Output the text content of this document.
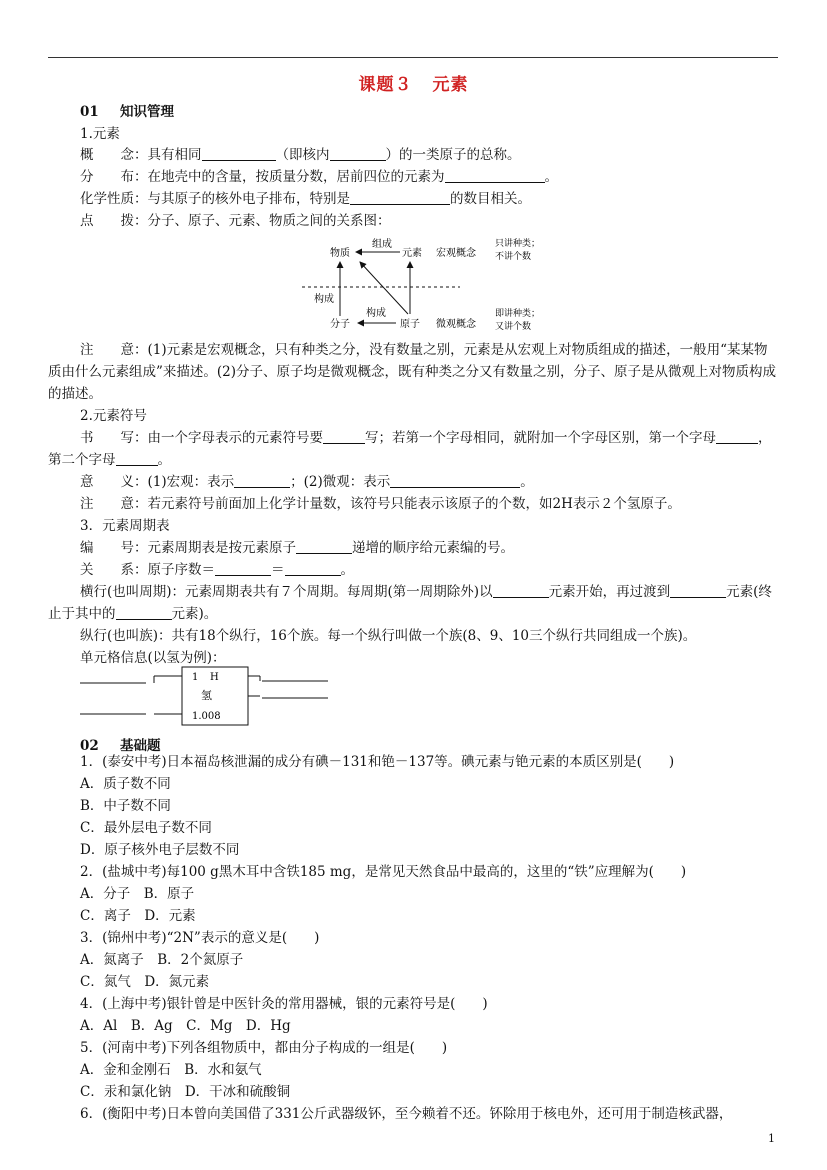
课题３ 元素
01 知识管理
1.元素
概　　念：具有相同	（即核内	）的一类原子的总称。
分　　布：在地壳中的含量，按质量分数，居前四位的元素为	。
化学性质：与其原子的核外电子排布，特别是	的数目相关。
点　　拨：分子、原子、元素、物质之间的关系图：
物质
组成
元素 宏观概念
只讲种类；
不讲个数
构成
构成
分子	原子 微观概念
即讲种类；
又讲个数
注　　意：(1)元素是宏观概念，只有种类之分，没有数量之别，元素是从宏观上对物质组成的描述，一般用“某某物质由什么元素组成”来描述。(2)分子、原子均是微观概念，既有种类之分又有数量之别，分子、原子是从微观上对物质构成的描述。
2.元素符号
书　　写：由一个字母表示的元素符号要	写；若第一个字母相同，就附加一个字母区别，第一个字母	，第二个字母	。
意　　义：(1)宏观：表示	；(2)微观：表示	。
注　　意：若元素符号前面加上化学计量数，该符号只能表示该原子的个数，如2H表示２个氢原子。
3．元素周期表
编　　号：元素周期表是按元素原子	递增的顺序给元素编的号。
关　　系：原子序数＝	＝	。
横行(也叫周期)：元素周期表共有７个周期。每周期(第一周期除外)以	元素开始，再过渡到	元素(终止于其中的	元素)。
纵行(也叫族)：共有18个纵行，16个族。每一个纵行叫做一个族(8、9、10三个纵行共同组成一个族)。
单元格信息(以氢为例)：
1 H
氢
1.008
02 基础题
1．(泰安中考)日本福岛核泄漏的成分有碘－131和铯－137等。碘元素与铯元素的本质区别是(　　)
A．质子数不同
B．中子数不同
C．最外层电子数不同
D．原子核外电子层数不同
2．(盐城中考)每100 g黑木耳中含铁185 mg，是常见天然食品中最高的，这里的“铁”应理解为(　　)
A．分子　B．原子
C．离子　D．元素
3．(锦州中考)“2N”表示的意义是(　　)
A．氮离子　B．2个氮原子
C．氮气　D．氮元素
4．(上海中考)银针曾是中医针灸的常用器械，银的元素符号是(　　)
A．Al　B．Ag　C．Mg　D．Hg
5．(河南中考)下列各组物质中，都由分子构成的一组是(　　)
A．金和金刚石　B．水和氨气
C．汞和氯化钠　D．干冰和硫酸铜
6．(衡阳中考)日本曾向美国借了331公斤武器级钚，至今赖着不还。钚除用于核电外，还可用于制造核武器，
1
